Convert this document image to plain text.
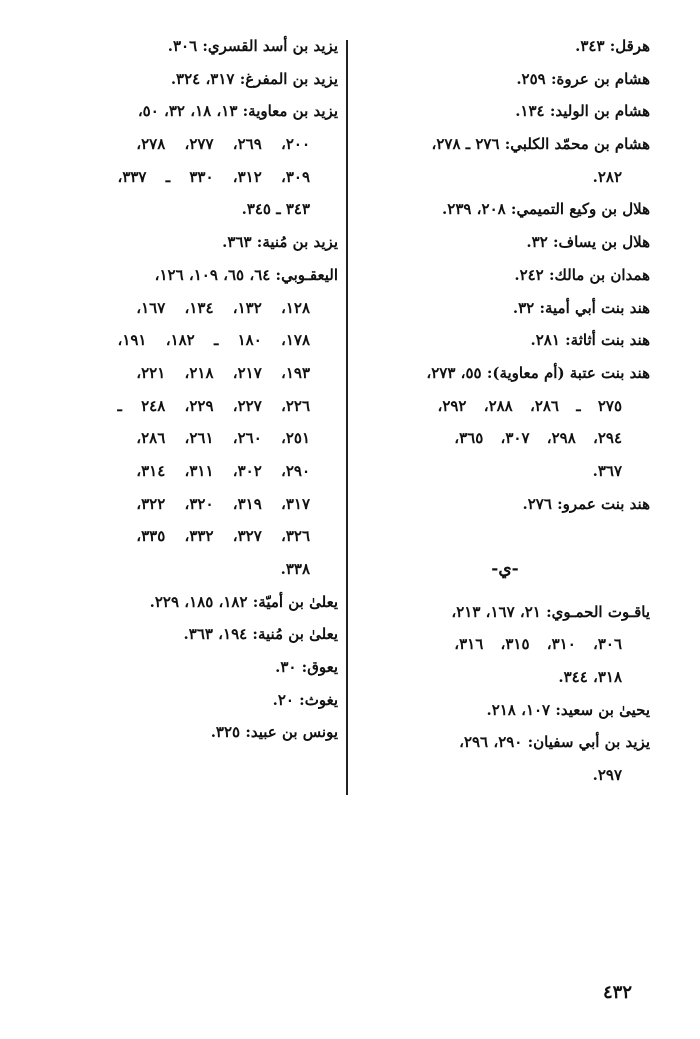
هرقل: ٣٤٣.
هشام بن عروة: ٢٥٩.
هشام بن الوليد: ١٣٤.
هشام بن محمّد الكلبي: ٢٧٦ ـ ٢٧٨،
٢٨٢.
هلال بن وكيع التميمي: ٢٠٨، ٢٣٩.
هلال بن يساف: ٣٢.
همدان بن مالك: ٢٤٢.
هند بنت أبي أمية: ٣٢.
هند بنت أثاثة: ٢٨١.
هند بنت عتبة (أم معاوية): ٥٥، ٢٧٣،
٢٧٥ ـ ٢٨٦، ٢٨٨، ٢٩٢،
٢٩٤، ٢٩٨، ٣٠٧، ٣٦٥،
٣٦٧.
هند بنت عمرو: ٢٧٦.
-ي-
ياقـوت الحمـوي: ٢١، ١٦٧، ٢١٣،
٣٠٦، ٣١٠، ٣١٥، ٣١٦،
٣١٨، ٣٤٤.
يحيىٰ بن سعيد: ١٠٧، ٢١٨.
يزيد بن أبي سفيان: ٢٩٠، ٢٩٦،
٢٩٧.
يزيد بن أسد القسري: ٣٠٦.
يزيد بن المفرغ: ٣١٧، ٣٢٤.
يزيد بن معاوية: ١٣، ١٨، ٣٢، ٥٠،
٢٠٠، ٢٦٩، ٢٧٧، ٢٧٨،
٣٠٩، ٣١٢، ٣٣٠ ـ ٣٣٧،
٣٤٣ ـ ٣٤٥.
يزيد بن مُنية: ٣٦٣.
اليعقـوبي: ٦٤، ٦٥، ١٠٩، ١٢٦،
١٢٨، ١٣٢، ١٣٤، ١٦٧،
١٧٨، ١٨٠ ـ ١٨٢، ١٩١،
١٩٣، ٢١٧، ٢١٨، ٢٢١،
٢٢٦، ٢٢٧، ٢٢٩، ٢٤٨ ـ
٢٥١، ٢٦٠، ٢٦١، ٢٨٦،
٢٩٠، ٣٠٢، ٣١١، ٣١٤،
٣١٧، ٣١٩، ٣٢٠، ٣٢٢،
٣٢٦، ٣٢٧، ٣٣٢، ٣٣٥،
٣٣٨.
يعلىٰ بن أميّة: ١٨٢، ١٨٥، ٢٢٩.
يعلىٰ بن مُنية: ١٩٤، ٣٦٣.
يعوق: ٣٠.
يغوث: ٢٠.
يونس بن عبيد: ٣٢٥.
٤٣٢
